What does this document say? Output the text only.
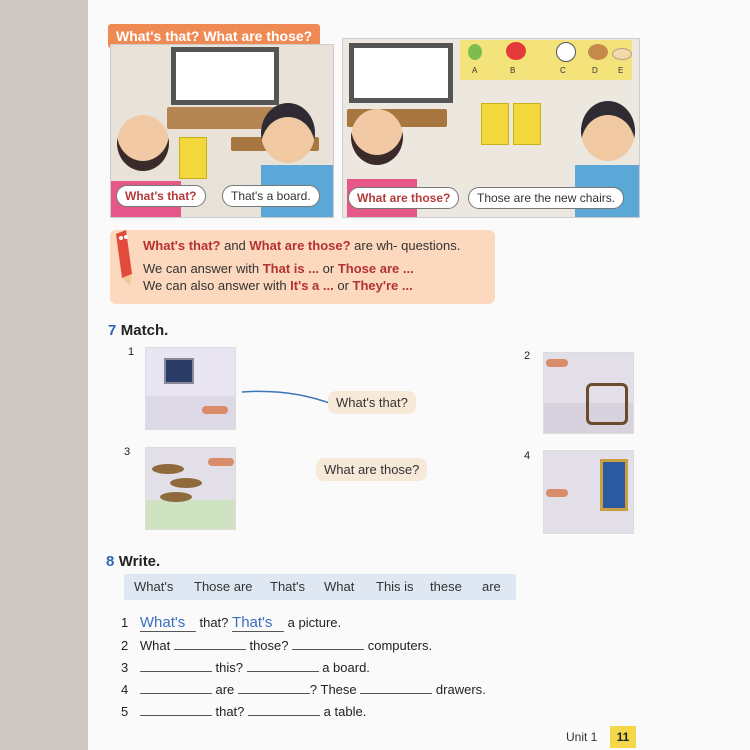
What's that? What are those?
What's that?	That's a board.
A	B	C	D	E
What are those?	Those are the new chairs.
What's that? and What are those? are wh- questions.
We can answer with That is ... or Those are ...
We can also answer with It's a ... or They're ...
7 Match.
1	2
3	4
What's that?
What are those?
8 Write.
What's Those are That's What This is these are
1 What's that? That's a picture.
2 What	those?	computers.
3	this?	a board.
4	are	? These	drawers.
5	that?	a table.
Unit 1	11
